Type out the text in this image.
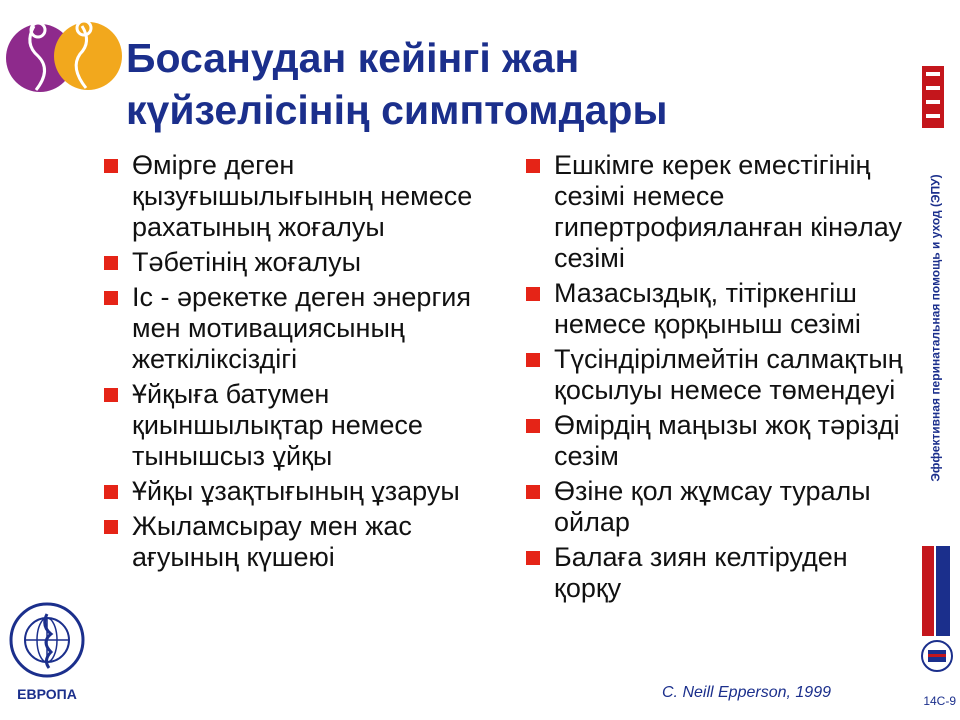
Босанудан кейінгі жан
күйзелісінің симптомдары
Эффективная перинатальная помощь и уход (ЭПУ)
Өмірге деген қызуғышылығының немесе рахатының жоғалуы
Тәбетінің жоғалуы
Іс - әрекетке деген энергия мен мотивациясының жеткіліксіздігі
Ұйқыға батумен қиыншылықтар немесе тынышсыз ұйқы
Ұйқы ұзақтығының ұзаруы
Жыламсырау мен жас ағуының күшеюі
Ешкімге керек еместігінің сезімі немесе гипертрофияланған кінәлау сезімі
Мазасыздық, тітіркенгіш немесе қорқыныш сезімі
Түсіндірілмейтін салмақтың қосылуы немесе төмендеуі
Өмірдің маңызы жоқ тәрізді сезім
Өзіне қол жұмсау туралы ойлар
Балаға зиян келтіруден қорқу
C. Neill Epperson, 1999
ЕВРОПА	14C-9
